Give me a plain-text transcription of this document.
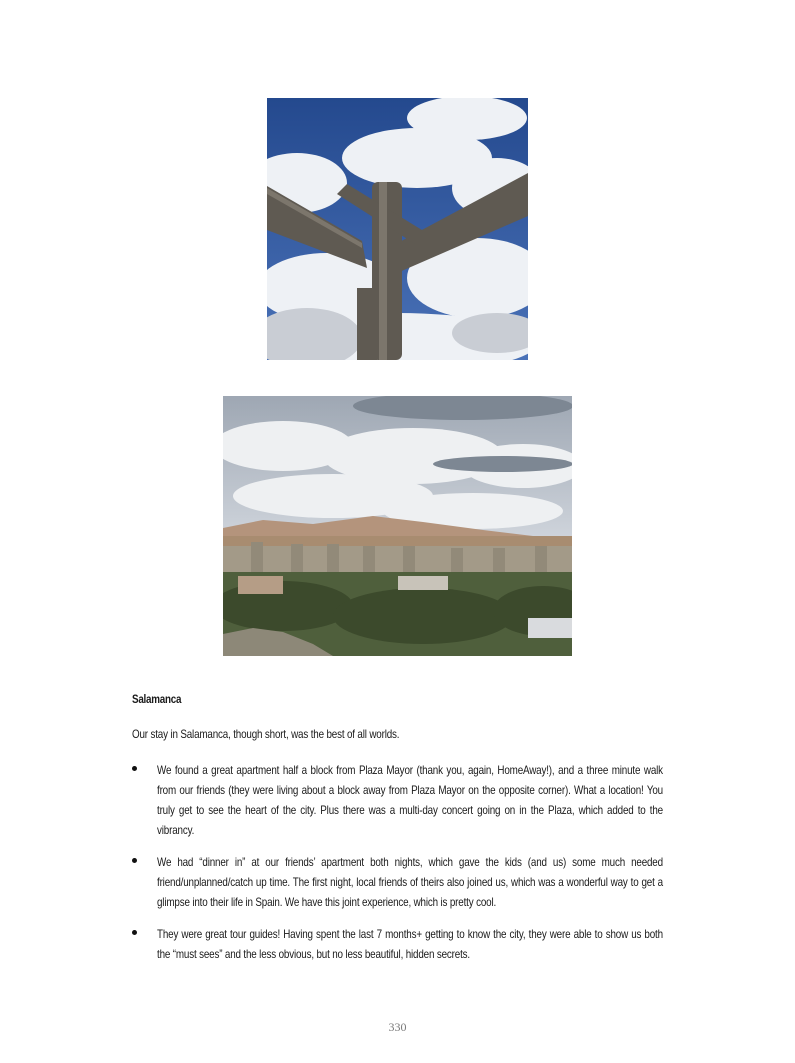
Salamanca
Our stay in Salamanca, though short, was the best of all worlds.
We found a great apartment half a block from Plaza Mayor (thank you, again, HomeAway!), and a three minute walk from our friends (they were living about a block away from Plaza Mayor on the opposite corner). What a location! You truly get to see the heart of the city. Plus there was a multi-day concert going on in the Plaza, which added to the vibrancy.
We had “dinner in” at our friends’ apartment both nights, which gave the kids (and us) some much needed friend/unplanned/catch up time. The first night, local friends of theirs also joined us, which was a wonderful way to get a glimpse into their life in Spain. We have this joint experience, which is pretty cool.
They were great tour guides! Having spent the last 7 months+ getting to know the city, they were able to show us both the “must sees” and the less obvious, but no less beautiful, hidden secrets.
330
